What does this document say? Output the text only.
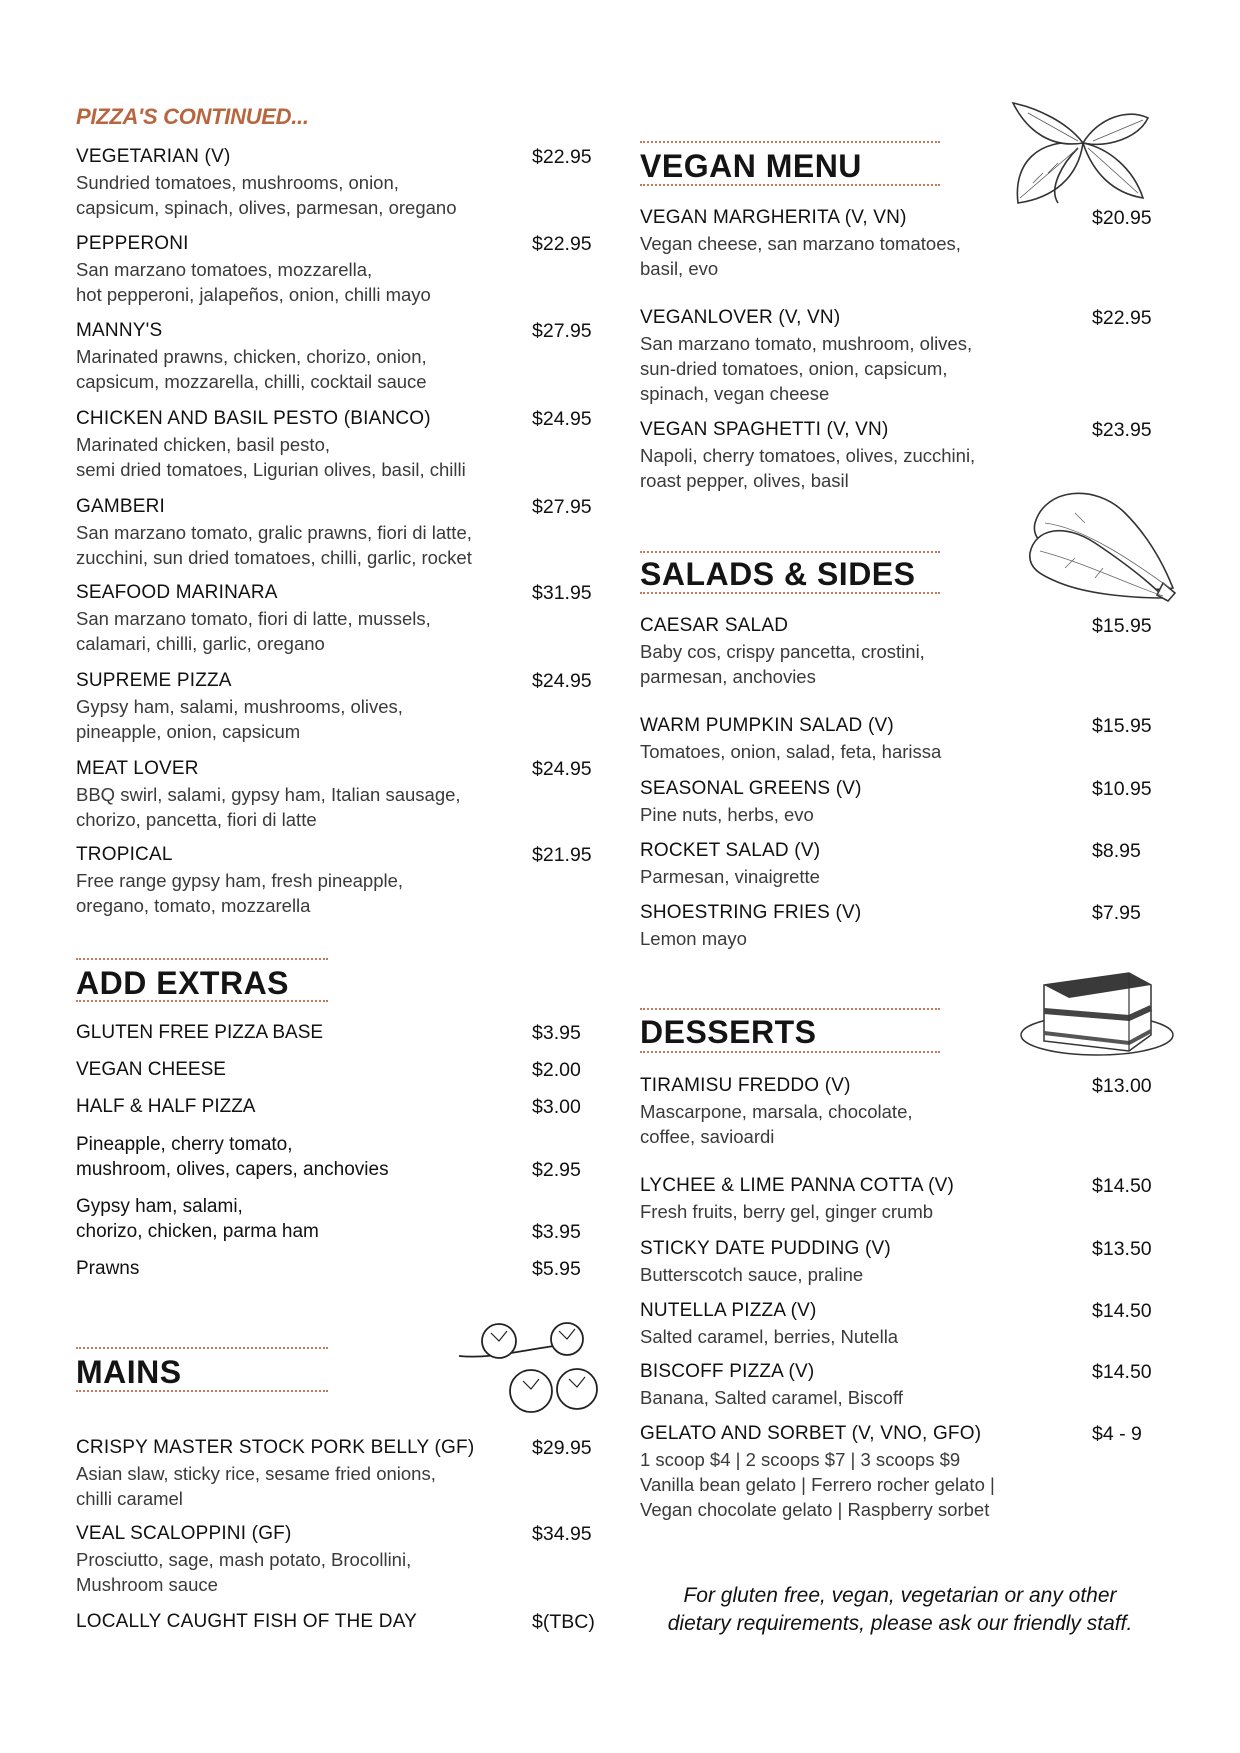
PIZZA'S CONTINUED...
ADD EXTRAS
MAINS
VEGAN MENU
SALADS & SIDES
DESSERTS
VEGETARIAN (V)
Sundried tomatoes, mushrooms, onion,
capsicum, spinach, olives, parmesan, oregano
$22.95
PEPPERONI
San marzano tomatoes, mozzarella,
hot pepperoni, jalapeños, onion, chilli mayo
$22.95
MANNY'S
Marinated prawns, chicken, chorizo, onion,
capsicum, mozzarella, chilli, cocktail sauce
$27.95
CHICKEN AND BASIL PESTO (BIANCO)
Marinated chicken, basil pesto,
semi dried tomatoes, Ligurian olives, basil, chilli
$24.95
GAMBERI
San marzano tomato, gralic prawns, fiori di latte,
zucchini, sun dried tomatoes, chilli, garlic, rocket
$27.95
SEAFOOD MARINARA
San marzano tomato, fiori di latte, mussels,
calamari, chilli, garlic, oregano
$31.95
SUPREME PIZZA
Gypsy ham, salami, mushrooms, olives,
pineapple, onion, capsicum
$24.95
MEAT LOVER
BBQ swirl, salami, gypsy ham, Italian sausage,
chorizo, pancetta, fiori di latte
$24.95
TROPICAL
Free range gypsy ham, fresh pineapple,
oregano, tomato, mozzarella
$21.95
CRISPY MASTER STOCK PORK BELLY (GF)
Asian slaw, sticky rice, sesame fried onions,
chilli caramel
$29.95
VEAL SCALOPPINI (GF)
Prosciutto, sage, mash potato, Brocollini,
Mushroom sauce
$34.95
LOCALLY CAUGHT FISH OF THE DAY	$(TBC)
VEGAN MARGHERITA (V, VN)
Vegan cheese, san marzano tomatoes,
basil, evo
$20.95
VEGANLOVER (V, VN)
San marzano tomato, mushroom, olives,
sun-dried tomatoes, onion, capsicum,
spinach, vegan cheese
$22.95
VEGAN SPAGHETTI (V, VN)
Napoli, cherry tomatoes, olives, zucchini,
roast pepper, olives, basil
$23.95
CAESAR SALAD
Baby cos, crispy pancetta, crostini,
parmesan, anchovies
$15.95
WARM PUMPKIN SALAD (V)
Tomatoes, onion, salad, feta, harissa
$15.95
SEASONAL GREENS (V)
Pine nuts, herbs, evo
$10.95
ROCKET SALAD (V)
Parmesan, vinaigrette
$8.95
SHOESTRING FRIES (V)
Lemon mayo
$7.95
TIRAMISU FREDDO (V)
Mascarpone, marsala, chocolate,
coffee, savioardi
$13.00
LYCHEE & LIME PANNA COTTA (V)
Fresh fruits, berry gel, ginger crumb
$14.50
STICKY DATE PUDDING (V)
Butterscotch sauce, praline
$13.50
NUTELLA PIZZA (V)
Salted caramel, berries, Nutella
$14.50
BISCOFF PIZZA (V)
Banana, Salted caramel, Biscoff
$14.50
GELATO AND SORBET (V, VNO, GFO)
1 scoop $4 | 2 scoops $7 | 3 scoops $9
Vanilla bean gelato | Ferrero rocher gelato |
Vegan chocolate gelato | Raspberry sorbet
$4 - 9
GLUTEN FREE PIZZA BASE	$3.95
VEGAN CHEESE	$2.00
HALF & HALF PIZZA	$3.00
Pineapple, cherry tomato,
mushroom, olives, capers, anchovies	$2.95
Gypsy ham, salami,
chorizo, chicken, parma ham	$3.95
Prawns	$5.95
For gluten free, vegan, vegetarian or any other
dietary requirements, please ask our friendly staff.
